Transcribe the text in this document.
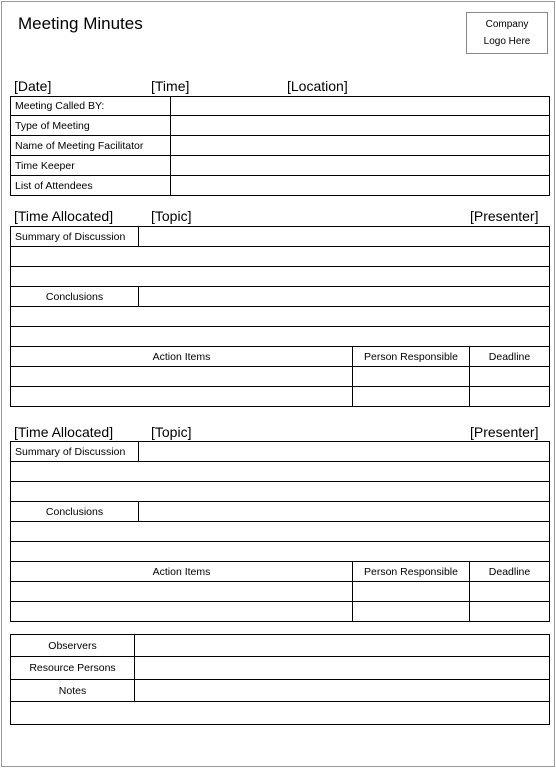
Meeting Minutes	Company
Logo Here
[Date]	[Time]	[Location]
Meeting Called BY:	
Type of Meeting	
Name of Meeting Facilitator	
Time Keeper	
List of Attendees	
[Time Allocated]	[Topic]	[Presenter]
Summary of Discussion			

Conclusions			

Action Items		Person Responsible	Deadline

[Time Allocated]	[Topic]	[Presenter]
Summary of Discussion			

Conclusions			

Action Items		Person Responsible	Deadline

Observers	
Resource Persons	
Notes	
